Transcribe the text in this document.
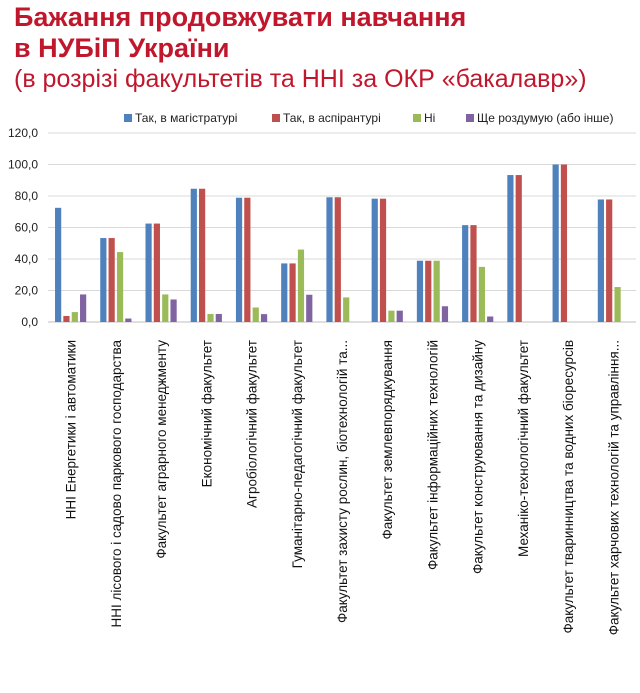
Бажання продовжувати навчання
в НУБіП України
(в розрізі факультетів та ННІ за ОКР «бакалавр»)
Так, в магістратурі	Так, в аспірантурі	Ні	Ще роздумую (або інше)
0,0
20,0
40,0
60,0
80,0
100,0
120,0
ННІ Енергетики і автоматики ННІ лісового і садово паркового господарства Факультет аграрного менеджменту Економічний факультет Агробіологічний факультет Гуманітарно-педагогічний факультет Факультет захисту рослин, біотехнологій та... Факультет землевпорядкування Факультет інформаційних технологій Факультет конструювання та дизайну Механіко-технологічний факультет Факультет тваринництва та водних біоресурсів Факультет харчових технологій та управління...
